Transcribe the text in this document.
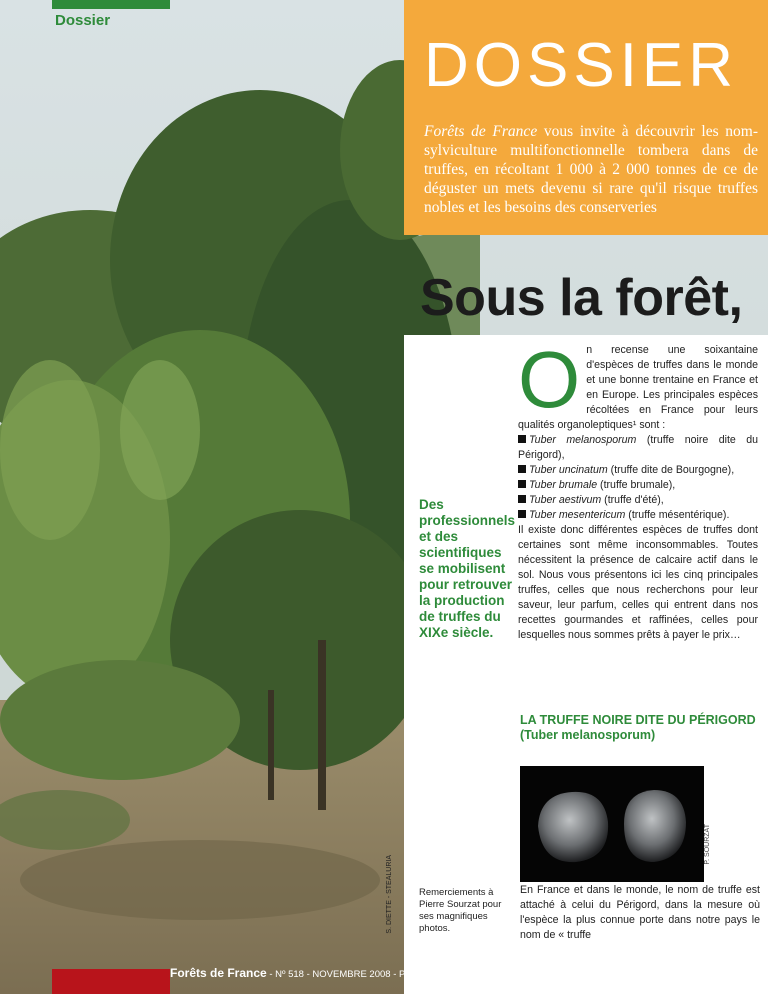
Dossier
DOSSIER
Forêts de France vous invite à découvrir les nom-sylviculture multifonctionnelle tombera dans de truffes, en récoltant 1 000 à 2 000 tonnes de ce de déguster un mets devenu si rare qu'il risque truffes nobles et les besoins des conserveries
Sous la forêt,
Des professionnels et des scientifiques se mobilisent pour retrouver la production de truffes du XIXe siècle.
O n recense une soixantaine d'espèces de truffes dans le monde et une bonne trentaine en France et en Europe. Les principales espèces récoltées en France pour leurs qualités organoleptiques¹ sont :

Tuber melanosporum (truffe noire dite du Périgord),
Tuber uncinatum (truffe dite de Bourgogne),
Tuber brumale (truffe brumale),
Tuber aestivum (truffe d'été),
Tuber mesentericum (truffe mésentérique).

Il existe donc différentes espèces de truffes dont certaines sont même inconsommables. Toutes nécessitent la présence de calcaire actif dans le sol. Nous vous présentons ici les cinq principales truffes, celles que nous recherchons pour leur saveur, leur parfum, celles qui entrent dans nos recettes gourmandes et raffinées, celles pour lesquelles nous sommes prêts à payer le prix…

LA TRUFFE NOIRE DITE DU PÉRIGORD
(Tuber melanosporum)
P. SOURZAT
S. DIETTE - STEALURIA	Remerciements à Pierre Sourzat pour ses magnifiques photos.
En France et dans le monde, le nom de truffe est attaché à celui du Périgord, dans la mesure où l'espèce la plus connue porte dans notre pays le nom de « truffe
Forêts de France - Nº 518 - NOVEMBRE 2008 - PAGE 14
